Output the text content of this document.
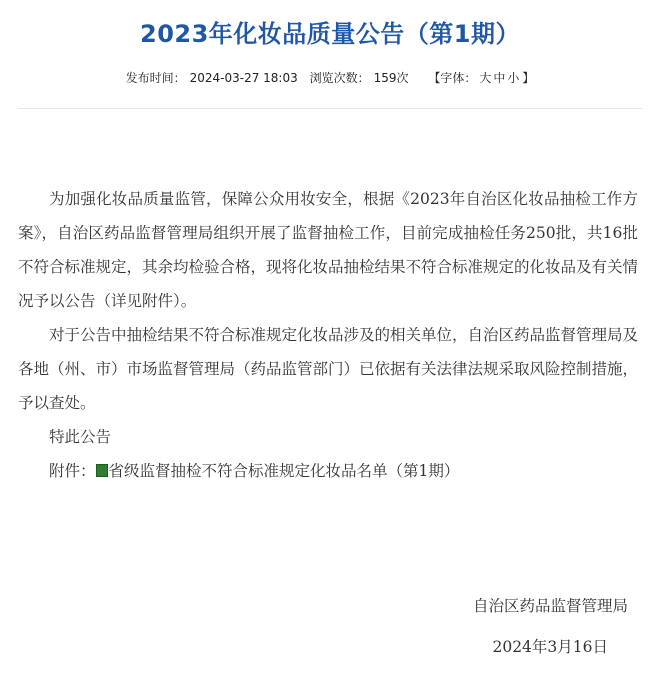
2023年化妆品质量公告（第1期）
发布时间： 2024-03-27 18:03 浏览次数： 159次 【字体： 大 中 小 】

为加强化妆品质量监管，保障公众用妆安全，根据《2023年自治区化妆品抽检工作方案》，自治区药品监督管理局组织开展了监督抽检工作，目前完成抽检任务250批，共16批不符合标准规定，其余均检验合格，现将化妆品抽检结果不符合标准规定的化妆品及有关情况予以公告（详见附件）。

对于公告中抽检结果不符合标准规定化妆品涉及的相关单位，自治区药品监督管理局及各地（州、市）市场监督管理局（药品监管部门）已依据有关法律法规采取风险控制措施，予以查处。

特此公告

附件：x 省级监督抽检不符合标准规定化妆品名单（第1期）

自治区药品监督管理局
2024年3月16日
